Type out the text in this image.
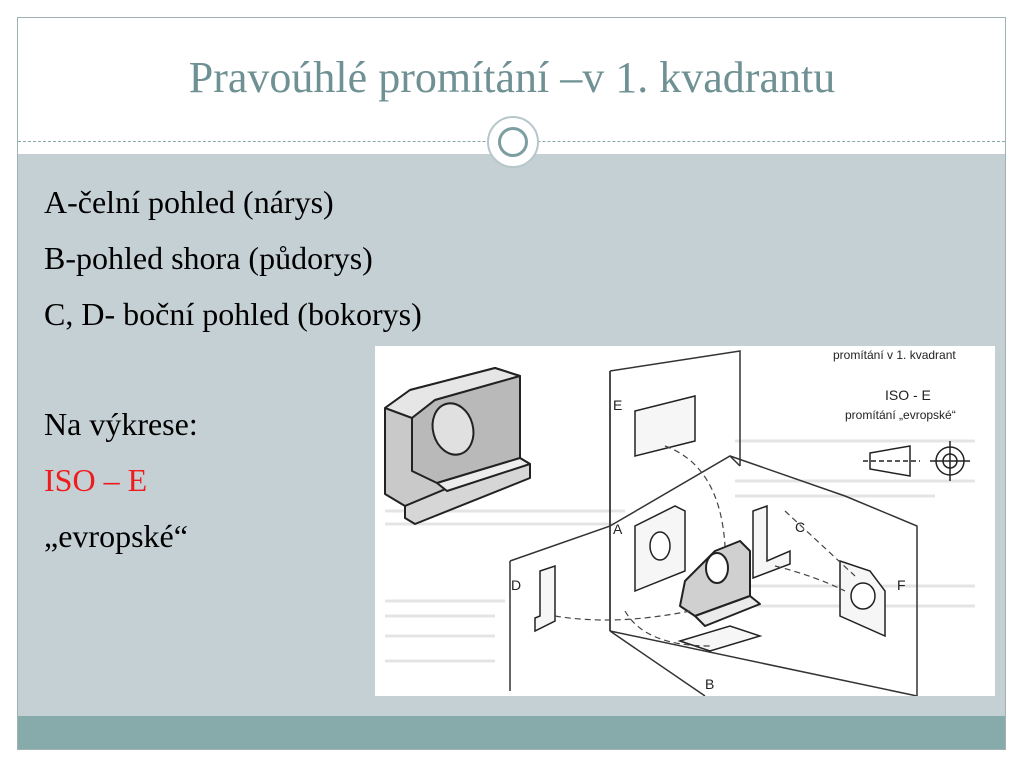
Pravoúhlé promítání –v 1. kvadrantu
A-čelní pohled (nárys)
B-pohled shora (půdorys)
C, D- boční pohled (bokorys)
Na výkrese:
ISO – E
„evropské“
promítání v 1. kvadrant
ISO - E
promítání „evropské“
E
A	C
D	F
B
